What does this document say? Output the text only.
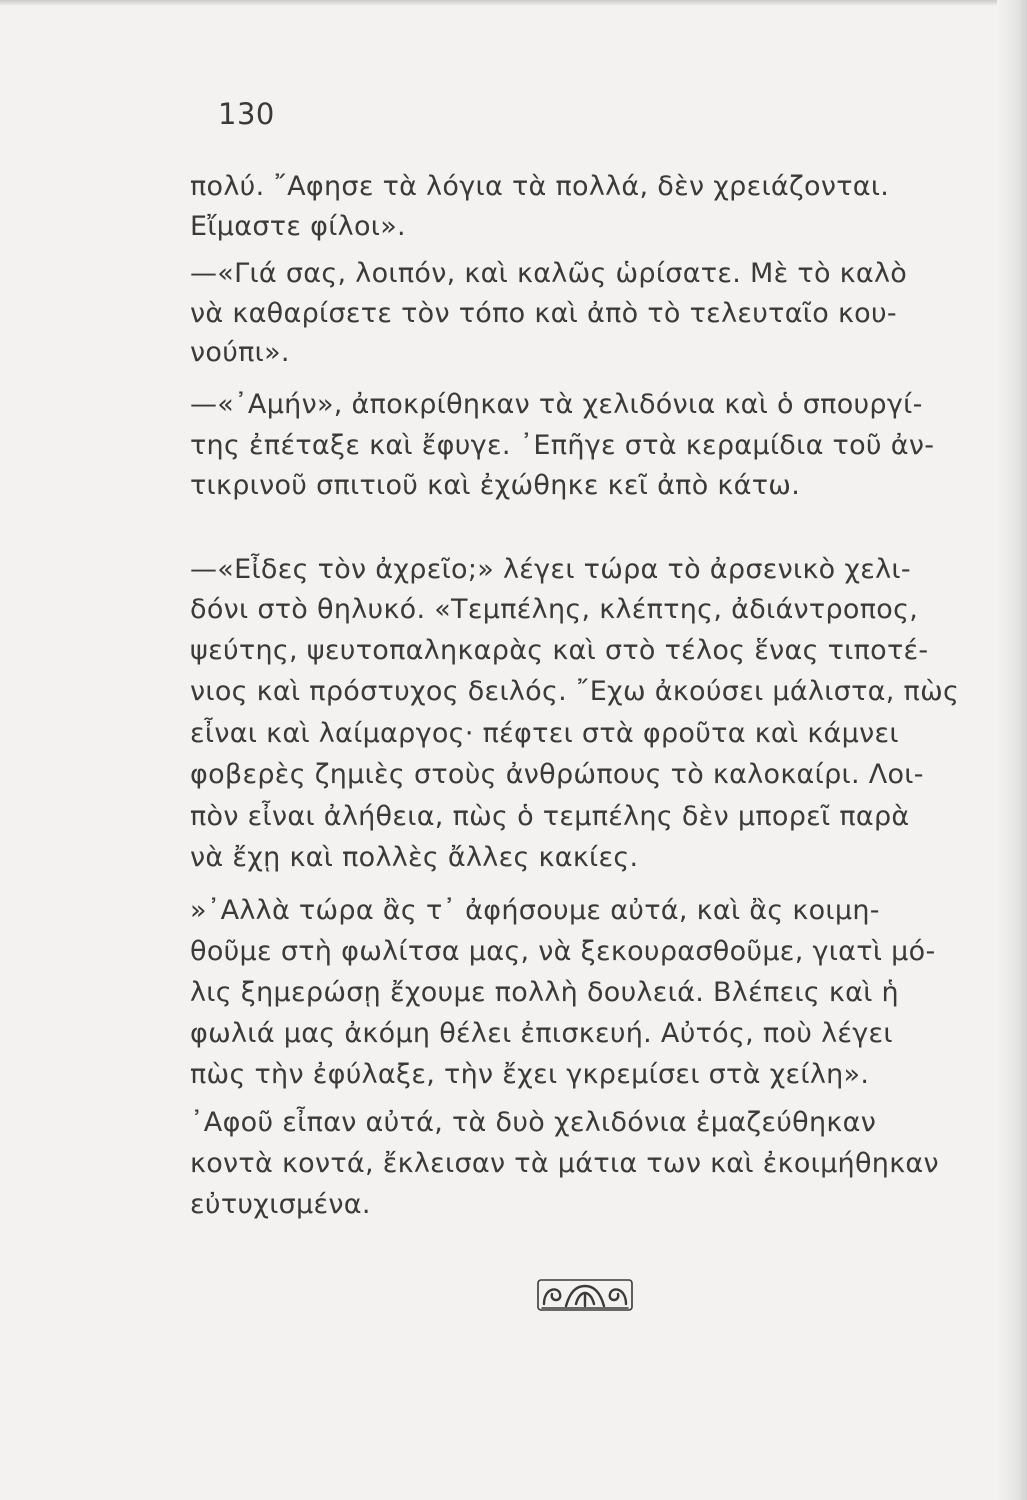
130
πολύ. ῎Αφησε τὰ λόγια τὰ πολλά, δὲν χρειάζονται.
Εἴμαστε φίλοι».
—«Γιά σας, λοιπόν, καὶ καλῶς ὡρίσατε. Μὲ τὸ καλὸ
νὰ καθαρίσετε τὸν τόπο καὶ ἀπὸ τὸ τελευταῖο κου-
νούπι».
—«᾿Αμήν», ἀποκρίθηκαν τὰ χελιδόνια καὶ ὁ σπουργί-
της ἐπέταξε καὶ ἔφυγε. ᾿Επῆγε στὰ κεραμίδια τοῦ ἀν-
τικρινοῦ σπιτιοῦ καὶ ἐχώθηκε κεῖ ἀπὸ κάτω.
—«Εἶδες τὸν ἀχρεῖο;» λέγει τώρα τὸ ἀρσενικὸ χελι-
δόνι στὸ θηλυκό. «Τεμπέλης, κλέπτης, ἀδιάντροπος,
ψεύτης, ψευτοπαληκαρὰς καὶ στὸ τέλος ἕνας τιποτέ-
νιος καὶ πρόστυχος δειλός. ῎Εχω ἀκούσει μάλιστα, πὼς
εἶναι καὶ λαίμαργος· πέφτει στὰ φροῦτα καὶ κάμνει
φοβερὲς ζημιὲς στοὺς ἀνθρώπους τὸ καλοκαίρι. Λοι-
πὸν εἶναι ἀλήθεια, πὼς ὁ τεμπέλης δὲν μπορεῖ παρὰ
νὰ ἔχῃ καὶ πολλὲς ἄλλες κακίες.
»᾿Αλλὰ τώρα ἂς τ᾿ ἀφήσουμε αὐτά, καὶ ἂς κοιμη-
θοῦμε στὴ φωλίτσα μας, νὰ ξεκουρασθοῦμε, γιατὶ μό-
λις ξημερώσῃ ἔχουμε πολλὴ δουλειά. Βλέπεις καὶ ἡ
φωλιά μας ἀκόμη θέλει ἐπισκευή. Αὐτός, ποὺ λέγει
πὼς τὴν ἐφύλαξε, τὴν ἔχει γκρεμίσει στὰ χείλη».
᾿Αφοῦ εἶπαν αὐτά, τὰ δυὸ χελιδόνια ἐμαζεύθηκαν
κοντὰ κοντά, ἔκλεισαν τὰ μάτια των καὶ ἐκοιμήθηκαν
εὐτυχισμένα.
